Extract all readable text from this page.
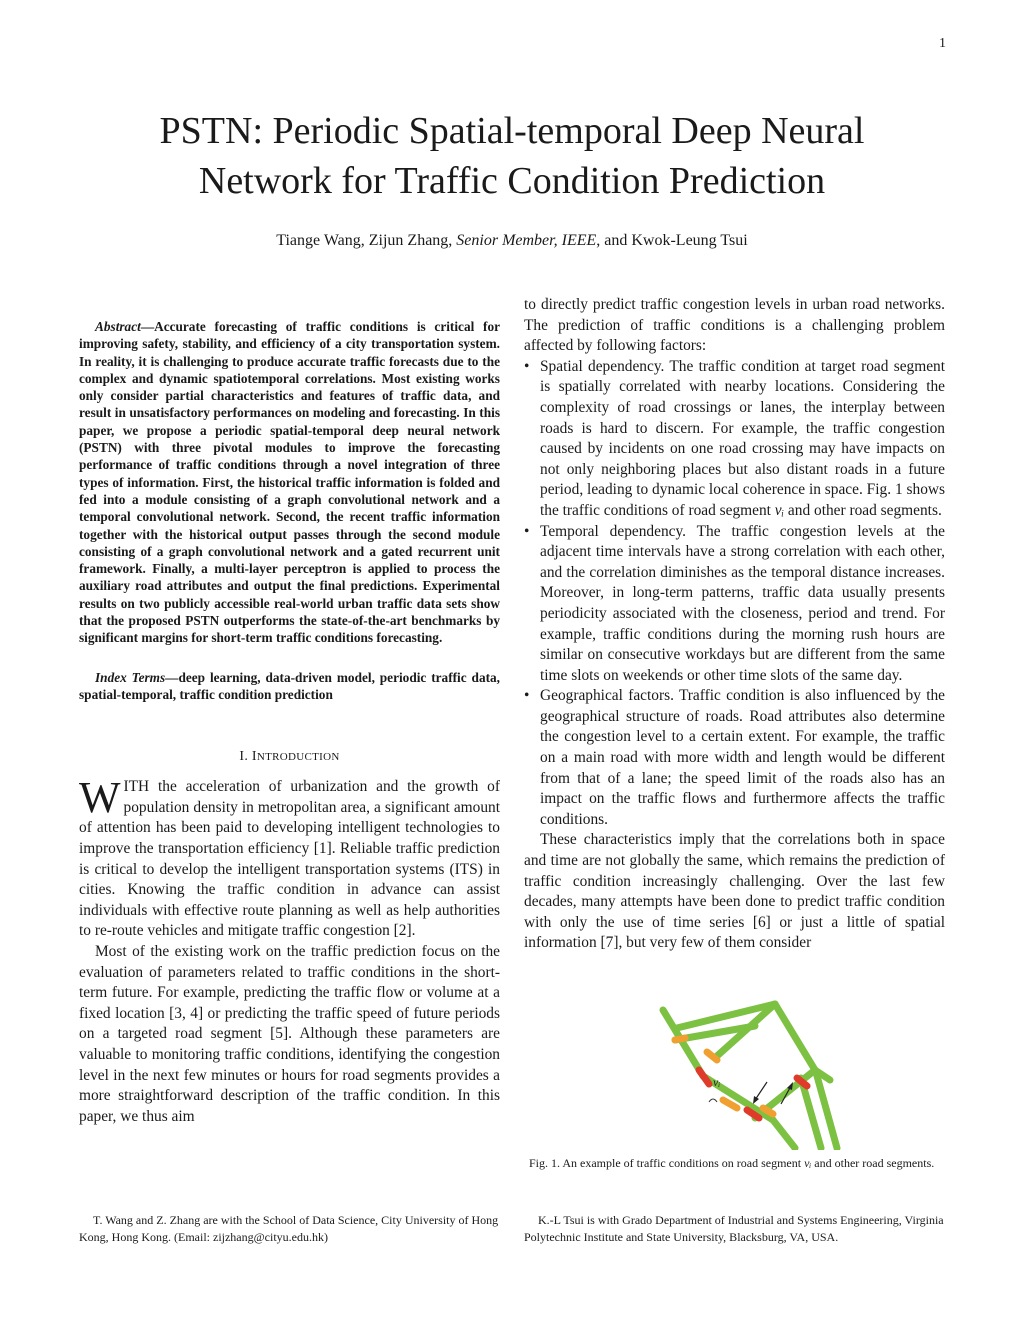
1
PSTN: Periodic Spatial-temporal Deep Neural
Network for Traffic Condition Prediction
Tiange Wang, Zijun Zhang, Senior Member, IEEE, and Kwok-Leung Tsui

Abstract—Accurate forecasting of traffic conditions is critical for improving safety, stability, and efficiency of a city transportation system. In reality, it is challenging to produce accurate traffic forecasts due to the complex and dynamic spatiotemporal correlations. Most existing works only consider partial characteristics and features of traffic data, and result in unsatisfactory performances on modeling and forecasting. In this paper, we propose a periodic spatial-temporal deep neural network (PSTN) with three pivotal modules to improve the forecasting performance of traffic conditions through a novel integration of three types of information. First, the historical traffic information is folded and fed into a module consisting of a graph convolutional network and a temporal convolutional network. Second, the recent traffic information together with the historical output passes through the second module consisting of a graph convolutional network and a gated recurrent unit framework. Finally, a multi-layer perceptron is applied to process the auxiliary road attributes and output the final predictions. Experimental results on two publicly accessible real-world urban traffic data sets show that the proposed PSTN outperforms the state-of-the-art benchmarks by significant margins for short-term traffic conditions forecasting.

Index Terms—deep learning, data-driven model, periodic traffic data, spatial-temporal, traffic condition prediction

I. INTRODUCTION

WITH the acceleration of urbanization and the growth of population density in metropolitan area, a significant amount of attention has been paid to developing intelligent technologies to improve the transportation efficiency [1]. Reliable traffic prediction is critical to develop the intelligent transportation systems (ITS) in cities. Knowing the traffic condition in advance can assist individuals with effective route planning as well as help authorities to re-route vehicles and mitigate traffic congestion [2].

Most of the existing work on the traffic prediction focus on the evaluation of parameters related to traffic conditions in the short-term future. For example, predicting the traffic flow or volume at a fixed location [3, 4] or predicting the traffic speed of future periods on a targeted road segment [5]. Although these parameters are valuable to monitoring traffic conditions, identifying the congestion level in the next few minutes or hours for road segments provides a more straightforward description of the traffic condition. In this paper, we thus aim

to directly predict traffic congestion levels in urban road networks. The prediction of traffic conditions is a challenging problem affected by following factors:

• Spatial dependency. The traffic condition at target road segment is spatially correlated with nearby locations. Considering the complexity of road crossings or lanes, the interplay between roads is hard to discern. For example, the traffic congestion caused by incidents on one road crossing may have impacts on not only neighboring places but also distant roads in a future period, leading to dynamic local coherence in space. Fig. 1 shows the traffic conditions of road segment vᵢ and other road segments.
• Temporal dependency. The traffic congestion levels at the adjacent time intervals have a strong correlation with each other, and the correlation diminishes as the temporal distance increases. Moreover, in long-term patterns, traffic data usually presents periodicity associated with the closeness, period and trend. For example, traffic conditions during the morning rush hours are similar on consecutive workdays but are different from the same time slots on weekends or other time slots of the same day.
• Geographical factors. Traffic condition is also influenced by the geographical structure of roads. Road attributes also determine the congestion level to a certain extent. For example, the traffic on a main road with more width and length would be different from that of a lane; the speed limit of the roads also has an impact on the traffic flows and furthermore affects the traffic conditions.

These characteristics imply that the correlations both in space and time are not globally the same, which remains the prediction of traffic condition increasingly challenging. Over the last few decades, many attempts have been done to predict traffic condition with only the use of time series [6] or just a little of spatial information [7], but very few of them consider

vᵢ
Fig. 1. An example of traffic conditions on road segment vᵢ and other road segments.
T. Wang and Z. Zhang are with the School of Data Science, City University of Hong Kong, Hong Kong. (Email: zijzhang@cityu.edu.hk)
K.-L Tsui is with Grado Department of Industrial and Systems Engineering, Virginia Polytechnic Institute and State University, Blacksburg, VA, USA.
